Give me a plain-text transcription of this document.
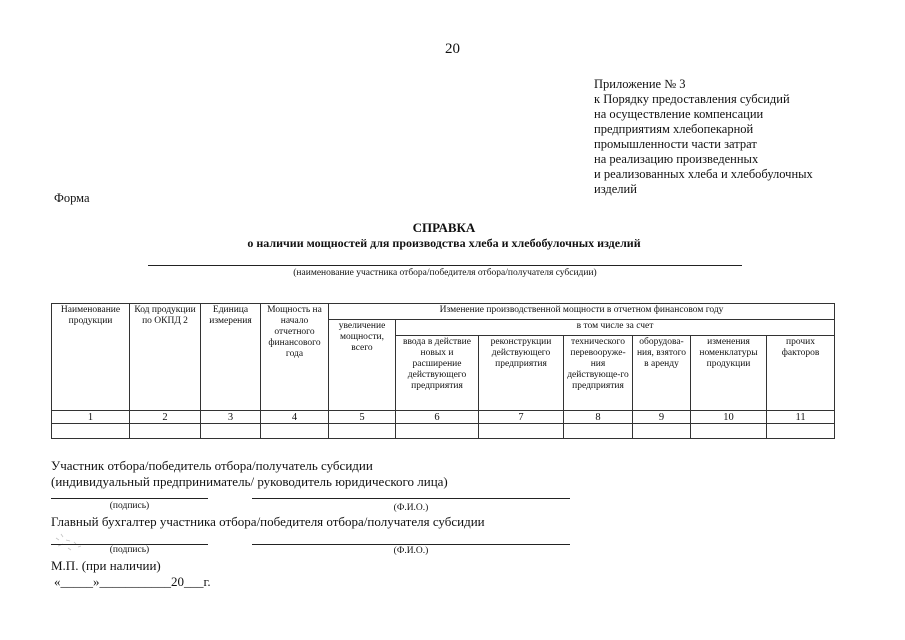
20
Приложение № 3
к Порядку предоставления субсидий
на осуществление компенсации
предприятиям хлебопекарной
промышленности части затрат
на реализацию произведенных
и реализованных хлеба и хлебобулочных
изделий
Форма
СПРАВКА
о наличии мощностей для производства хлеба и хлебобулочных изделий
(наименование участника отбора/победителя отбора/получателя субсидии)
Наименование продукции	Код продукции по ОКПД 2	Единица измерения	Мощность на начало отчетного финансового года	Изменение производственной мощности в отчетном финансовом году						
				увеличение мощности, всего	в том числе за счет					
					ввода в действие новых и расширение действующего предприятия	реконструкции действующего предприятия	технического перевооруже-ния действующе-го предприятия	оборудова-ния, взятого в аренду	изменения номенклатуры продукции	прочих факторов
1	2	3	4	5	6	7	8	9	10	11

Участник отбора/победитель отбора/получатель субсидии
(индивидуальный предприниматель/ руководитель юридического лица)
(подпись)	(Ф.И.О.)
Главный бухгалтер участника отбора/победителя отбора/получателя субсидии
(подпись)	(Ф.И.О.)
М.П. (при наличии)
«_____»___________20___г.
